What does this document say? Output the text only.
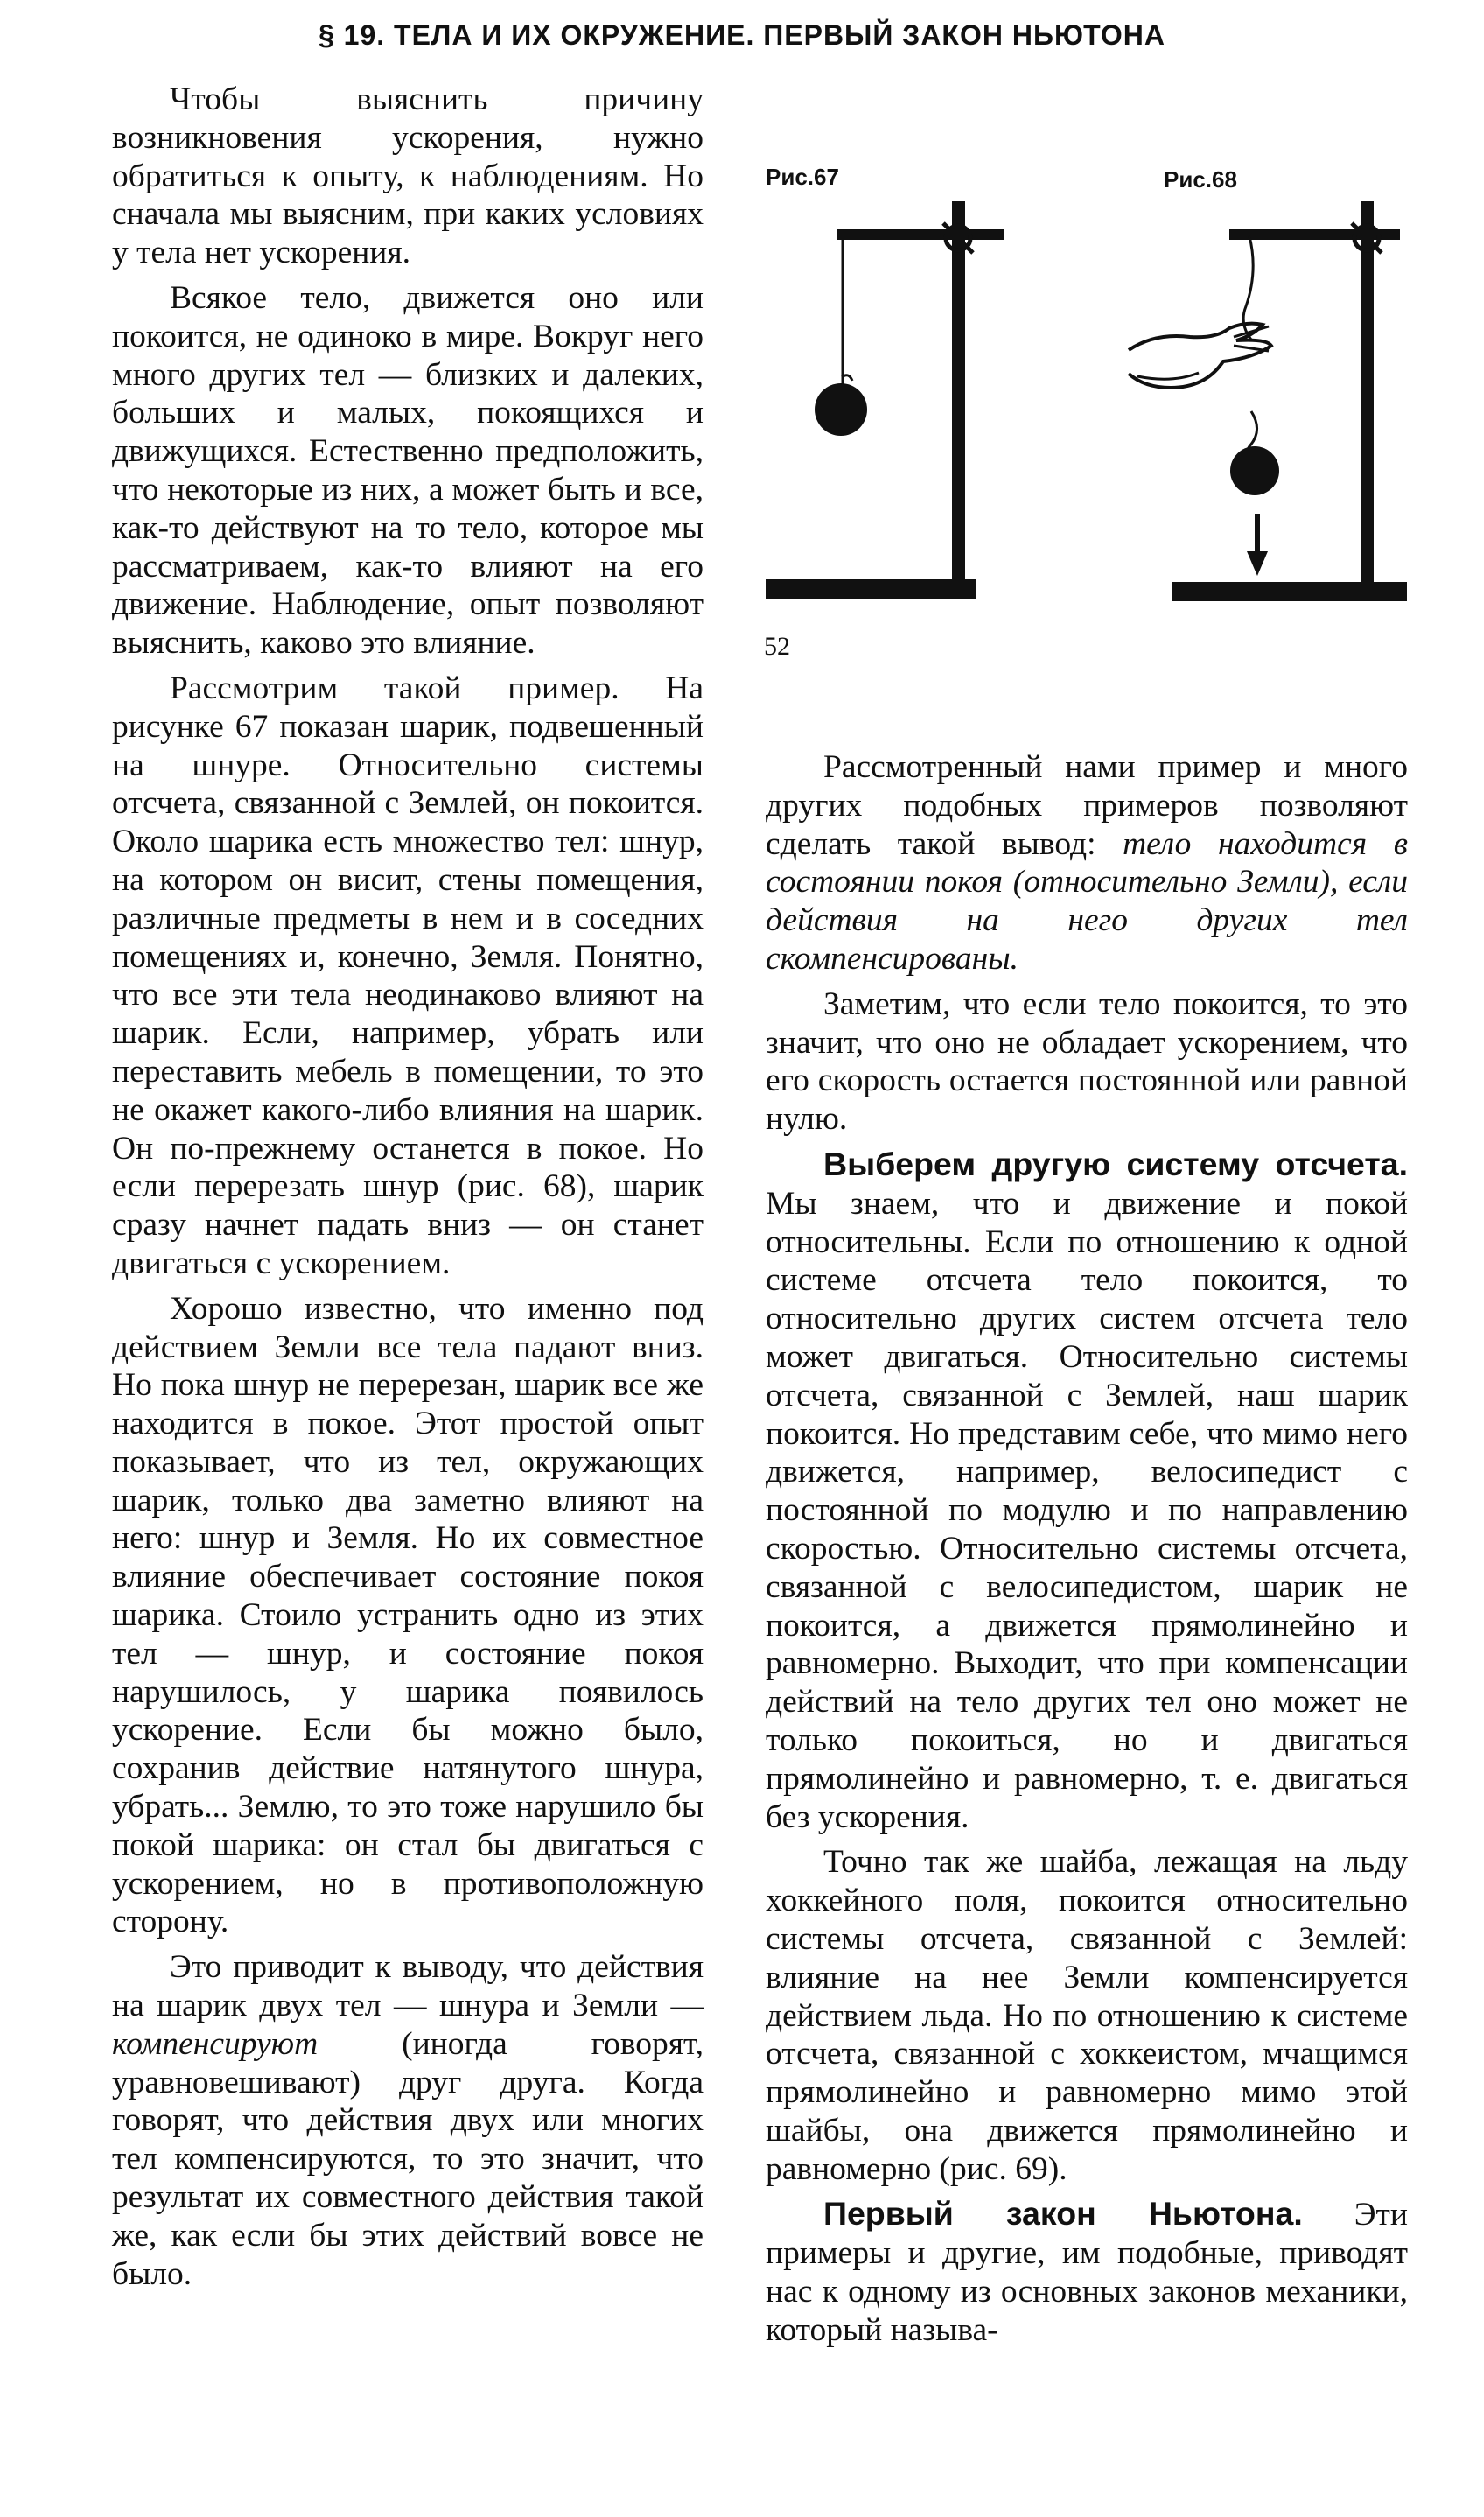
§ 19. ТЕЛА И ИХ ОКРУЖЕНИЕ. ПЕРВЫЙ ЗАКОН НЬЮТОНА
Рис.67	Рис.68
52

Чтобы выяснить причину возникновения ускорения, нужно обратиться к опыту, к наблюдениям. Но сначала мы выясним, при каких условиях у тела нет ускорения.

Всякое тело, движется оно или покоится, не одиноко в мире. Вокруг него много других тел — близких и далеких, больших и малых, покоящихся и движущихся. Естественно предположить, что некоторые из них, а может быть и все, как-то действуют на то тело, которое мы рассматриваем, как-то влияют на его движение. Наблюдение, опыт позволяют выяснить, каково это влияние.

Рассмотрим такой пример. На рисунке 67 показан шарик, подвешенный на шнуре. Относительно системы отсчета, связанной с Землей, он покоится. Около шарика есть множество тел: шнур, на котором он висит, стены помещения, различные предметы в нем и в соседних помещениях и, конечно, Земля. Понятно, что все эти тела неодинаково влияют на шарик. Если, например, убрать или переставить мебель в помещении, то это не окажет какого-либо влияния на шарик. Он по-прежнему останется в покое. Но если перерезать шнур (рис. 68), шарик сразу начнет падать вниз — он станет двигаться с ускорением.

Хорошо известно, что именно под действием Земли все тела падают вниз. Но пока шнур не перерезан, шарик все же находится в покое. Этот простой опыт показывает, что из тел, окружающих шарик, только два заметно влияют на него: шнур и Земля. Но их совместное влияние обеспечивает состояние покоя шарика. Стоило устранить одно из этих тел — шнур, и состояние покоя нарушилось, у шарика появилось ускорение. Если бы можно было, сохранив действие натянутого шнура, убрать... Землю, то это тоже нарушило бы покой шарика: он стал бы двигаться с ускорением, но в противоположную сторону.

Это приводит к выводу, что действия на шарик двух тел — шнура и Земли — компенсируют (иногда говорят, уравновешивают) друг друга. Когда говорят, что действия двух или многих тел компенсируются, то это значит, что результат их совместного действия такой же, как если бы этих действий вовсе не было.

Рассмотренный нами пример и много других подобных примеров позволяют сделать такой вывод: тело находится в состоянии покоя (относительно Земли), если действия на него других тел скомпенсированы.

Заметим, что если тело покоится, то это значит, что оно не обладает ускорением, что его скорость остается постоянной или равной нулю.

Выберем другую систему отсчета. Мы знаем, что и движение и покой относительны. Если по отношению к одной системе отсчета тело покоится, то относительно других систем отсчета тело может двигаться. Относительно системы отсчета, связанной с Землей, наш шарик покоится. Но представим себе, что мимо него движется, например, велосипедист с постоянной по модулю и по направлению скоростью. Относительно системы отсчета, связанной с велосипедистом, шарик не покоится, а движется прямолинейно и равномерно. Выходит, что при компенсации действий на тело других тел оно может не только покоиться, но и двигаться прямолинейно и равномерно, т. е. двигаться без ускорения.

Точно так же шайба, лежащая на льду хоккейного поля, покоится относительно системы отсчета, связанной с Землей: влияние на нее Земли компенсируется действием льда. Но по отношению к системе отсчета, связанной с хоккеистом, мчащимся прямолинейно и равномерно мимо этой шайбы, она движется прямолинейно и равномерно (рис. 69).

Первый закон Ньютона. Эти примеры и другие, им подобные, приводят нас к одному из основных законов механики, который называ-
